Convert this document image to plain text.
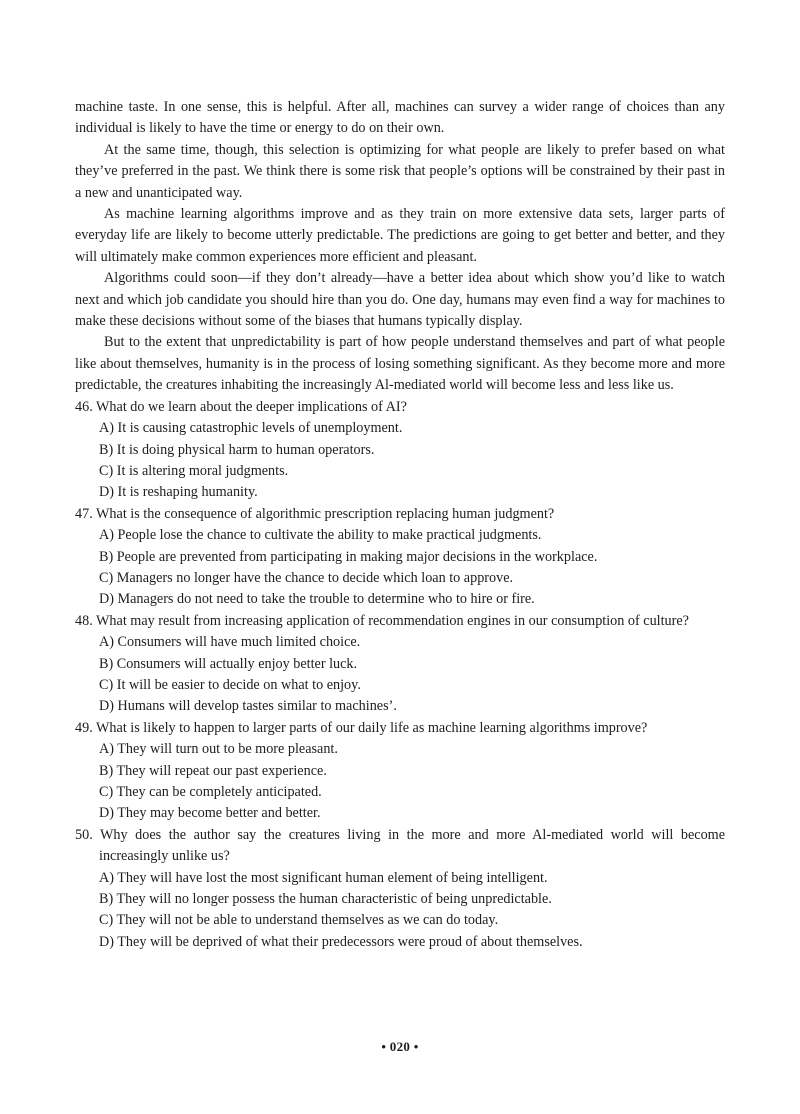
machine taste. In one sense, this is helpful. After all, machines can survey a wider range of choices than any individual is likely to have the time or energy to do on their own.

At the same time, though, this selection is optimizing for what people are likely to prefer based on what they’ve preferred in the past. We think there is some risk that people’s options will be constrained by their past in a new and unanticipated way.

As machine learning algorithms improve and as they train on more extensive data sets, larger parts of everyday life are likely to become utterly predictable. The predictions are going to get better and better, and they will ultimately make common experiences more efficient and pleasant.

Algorithms could soon—if they don’t already—have a better idea about which show you’d like to watch next and which job candidate you should hire than you do. One day, humans may even find a way for machines to make these decisions without some of the biases that humans typically display.

But to the extent that unpredictability is part of how people understand themselves and part of what people like about themselves, humanity is in the process of losing something significant. As they become more and more predictable, the creatures inhabiting the increasingly Al-mediated world will become less and less like us.

46. What do we learn about the deeper implications of AI?
A) It is causing catastrophic levels of unemployment.
B) It is doing physical harm to human operators.
C) It is altering moral judgments.
D) It is reshaping humanity.
47. What is the consequence of algorithmic prescription replacing human judgment?
A) People lose the chance to cultivate the ability to make practical judgments.
B) People are prevented from participating in making major decisions in the workplace.
C) Managers no longer have the chance to decide which loan to approve.
D) Managers do not need to take the trouble to determine who to hire or fire.
48. What may result from increasing application of recommendation engines in our consumption of culture?
A) Consumers will have much limited choice.
B) Consumers will actually enjoy better luck.
C) It will be easier to decide on what to enjoy.
D) Humans will develop tastes similar to machines’.
49. What is likely to happen to larger parts of our daily life as machine learning algorithms improve?
A) They will turn out to be more pleasant.
B) They will repeat our past experience.
C) They can be completely anticipated.
D) They may become better and better.
50. Why does the author say the creatures living in the more and more Al-mediated world will become increasingly unlike us?
A) They will have lost the most significant human element of being intelligent.
B) They will no longer possess the human characteristic of being unpredictable.
C) They will not be able to understand themselves as we can do today.
D) They will be deprived of what their predecessors were proud of about themselves.
• 020 •
